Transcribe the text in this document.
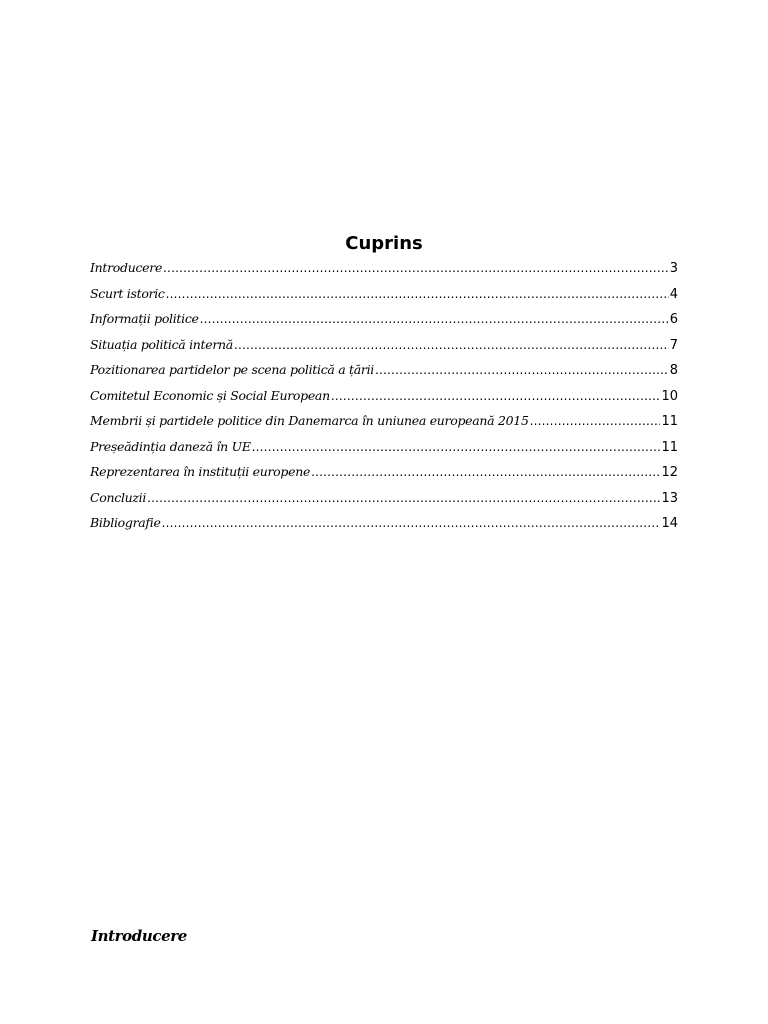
Cuprins
Introducere .....	3
Scurt istoric .....	4
Informații politice .....	6
Situația politică internă .....	7
Pozitionarea partidelor pe scena politică a țării .....	8
Comitetul Economic și Social European .....	10
Membrii și partidele politice din Danemarca în uniunea europeană 2015 .....	11
Preșeădinția daneză în UE .....	11
Reprezentarea în instituții europene .....	12
Concluzii .....	13
Bibliografie .....	14
Introducere
